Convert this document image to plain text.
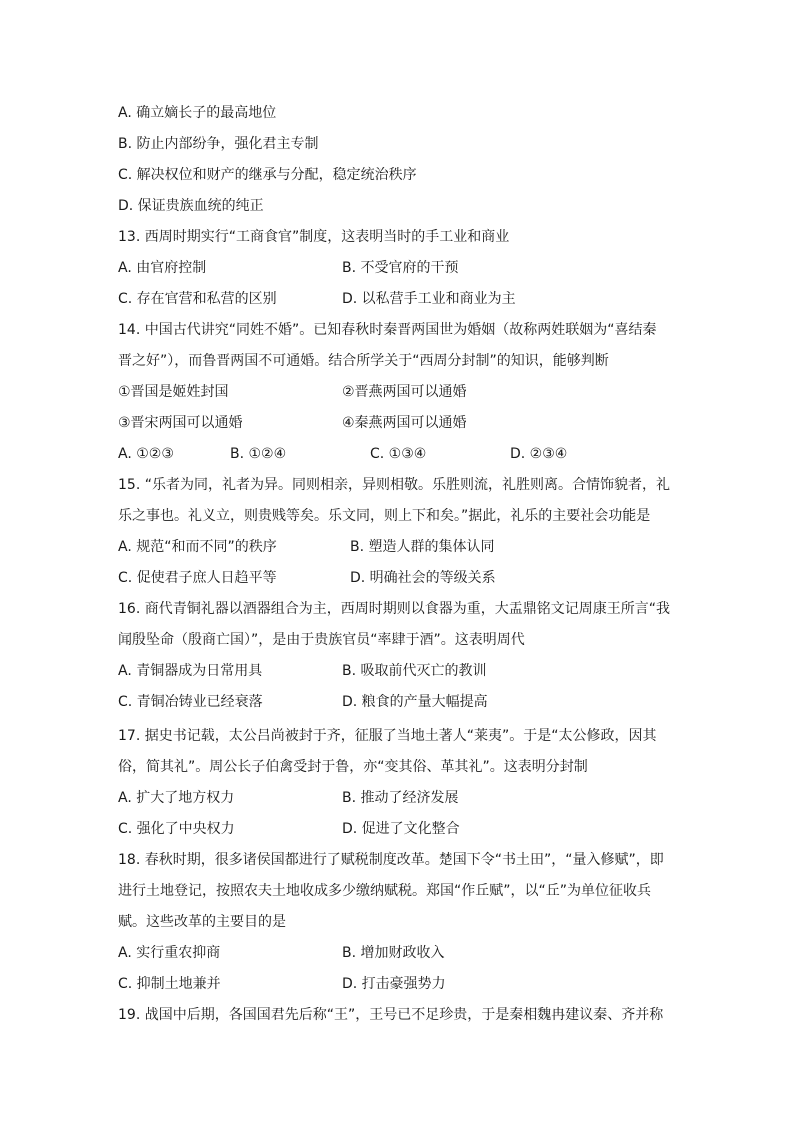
A. 确立嫡长子的最高地位
B. 防止内部纷争，强化君主专制
C. 解决权位和财产的继承与分配，稳定统治秩序
D. 保证贵族血统的纯正
13. 西周时期实行“工商食官”制度，这表明当时的手工业和商业
A. 由官府控制	B. 不受官府的干预
C. 存在官营和私营的区别	D. 以私营手工业和商业为主
14. 中国古代讲究“同姓不婚”。已知春秋时秦晋两国世为婚姻（故称两姓联姻为“喜结秦
晋之好”），而鲁晋两国不可通婚。结合所学关于“西周分封制”的知识，能够判断
①晋国是姬姓封国	②晋燕两国可以通婚
③晋宋两国可以通婚	④秦燕两国可以通婚
A. ①②③	B. ①②④	C. ①③④	D. ②③④
15. “乐者为同，礼者为异。同则相亲，异则相敬。乐胜则流，礼胜则离。合情饰貌者，礼
乐之事也。礼义立，则贵贱等矣。乐文同，则上下和矣。”据此，礼乐的主要社会功能是
A. 规范“和而不同”的秩序	B. 塑造人群的集体认同
C. 促使君子庶人日趋平等	D. 明确社会的等级关系
16. 商代青铜礼器以酒器组合为主，西周时期则以食器为重，大盂鼎铭文记周康王所言“我
闻殷坠命（殷商亡国）”，是由于贵族官员“率肆于酒”。这表明周代
A. 青铜器成为日常用具	B. 吸取前代灭亡的教训
C. 青铜冶铸业已经衰落	D. 粮食的产量大幅提高
17. 据史书记载，太公吕尚被封于齐，征服了当地土著人“莱夷”。于是“太公修政，因其
俗，简其礼”。周公长子伯禽受封于鲁，亦“变其俗、革其礼”。这表明分封制
A. 扩大了地方权力	B. 推动了经济发展
C. 强化了中央权力	D. 促进了文化整合
18. 春秋时期，很多诸侯国都进行了赋税制度改革。楚国下令“书土田”，“量入修赋”，即
进行土地登记，按照农夫土地收成多少缴纳赋税。郑国“作丘赋”，以“丘”为单位征收兵
赋。这些改革的主要目的是
A. 实行重农抑商	B. 增加财政收入
C. 抑制土地兼并	D. 打击豪强势力
19. 战国中后期，各国国君先后称“王”，王号已不足珍贵，于是秦相魏冉建议秦、齐并称
